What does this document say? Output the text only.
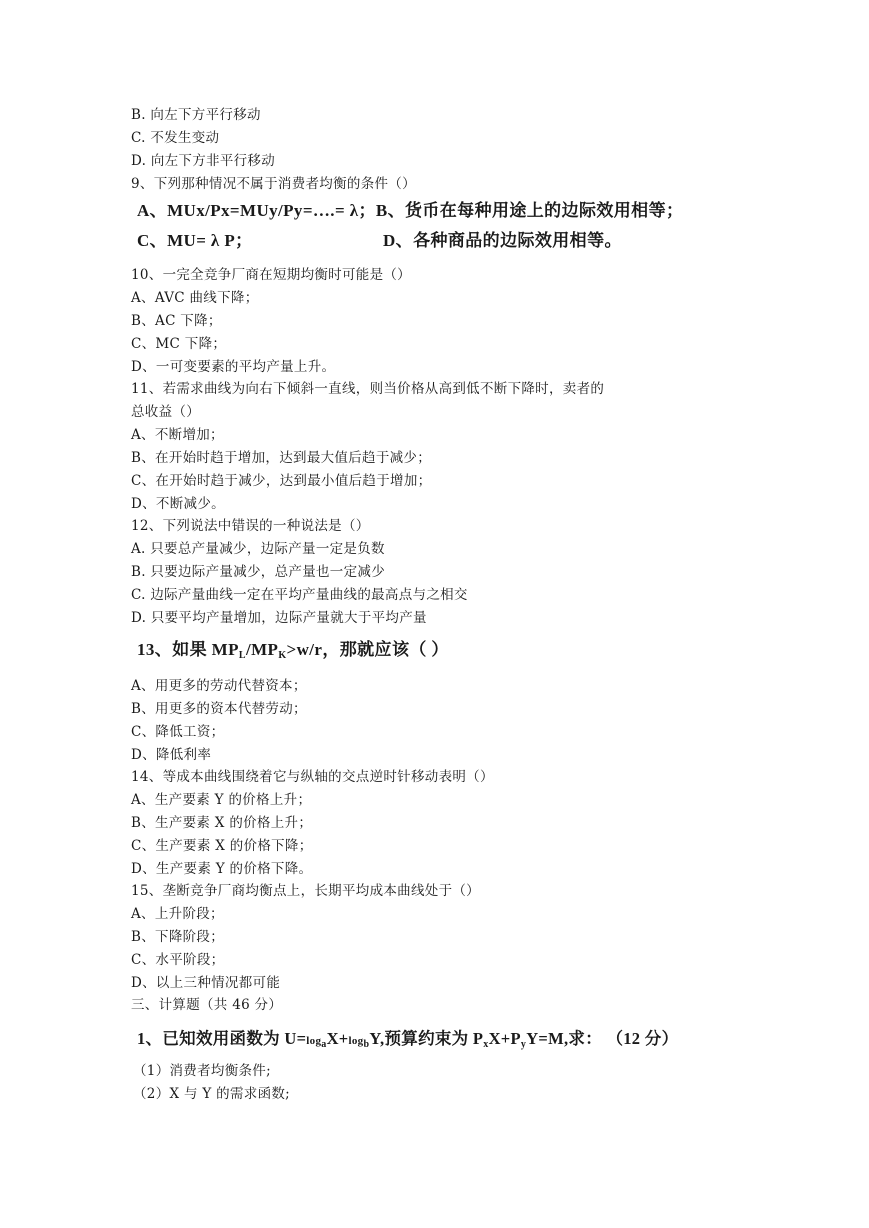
B. 向左下方平行移动
C. 不发生变动
D. 向左下方非平行移动
9、下列那种情况不属于消费者均衡的条件（）
A、MUx/Px=MUy/Py=….= λ；B、货币在每种用途上的边际效用相等；
C、MU= λ P；	D、各种商品的边际效用相等。
10、一完全竞争厂商在短期均衡时可能是（）
A、AVC 曲线下降；
B、AC 下降；
C、MC 下降；
D、一可变要素的平均产量上升。
11、若需求曲线为向右下倾斜一直线，则当价格从高到低不断下降时，卖者的
总收益（）
A、不断增加；
B、在开始时趋于增加，达到最大值后趋于减少；
C、在开始时趋于减少，达到最小值后趋于增加；
D、不断减少。
12、下列说法中错误的一种说法是（）
A. 只要总产量减少，边际产量一定是负数
B. 只要边际产量减少，总产量也一定减少
C. 边际产量曲线一定在平均产量曲线的最高点与之相交
D. 只要平均产量增加，边际产量就大于平均产量
13、如果 $MP_L/MP_K>w/r$，那就应该（ ）
A、用更多的劳动代替资本；
B、用更多的资本代替劳动；
C、降低工资；
D、降低利率
14、等成本曲线围绕着它与纵轴的交点逆时针移动表明（）
A、生产要素 Y 的价格上升；
B、生产要素 X 的价格上升；
C、生产要素 X 的价格下降；
D、生产要素 Y 的价格下降。
15、垄断竞争厂商均衡点上，长期平均成本曲线处于（）
A、上升阶段；
B、下降阶段；
C、水平阶段；
D、以上三种情况都可能
三、计算题（共 46 分）
1、已知效用函数为 $U=\log_aX+\log_bY$,预算约束为 $P_xX+P_yY=M$,求： （12 分）
（1）消费者均衡条件;
（2）X 与 Y 的需求函数;
